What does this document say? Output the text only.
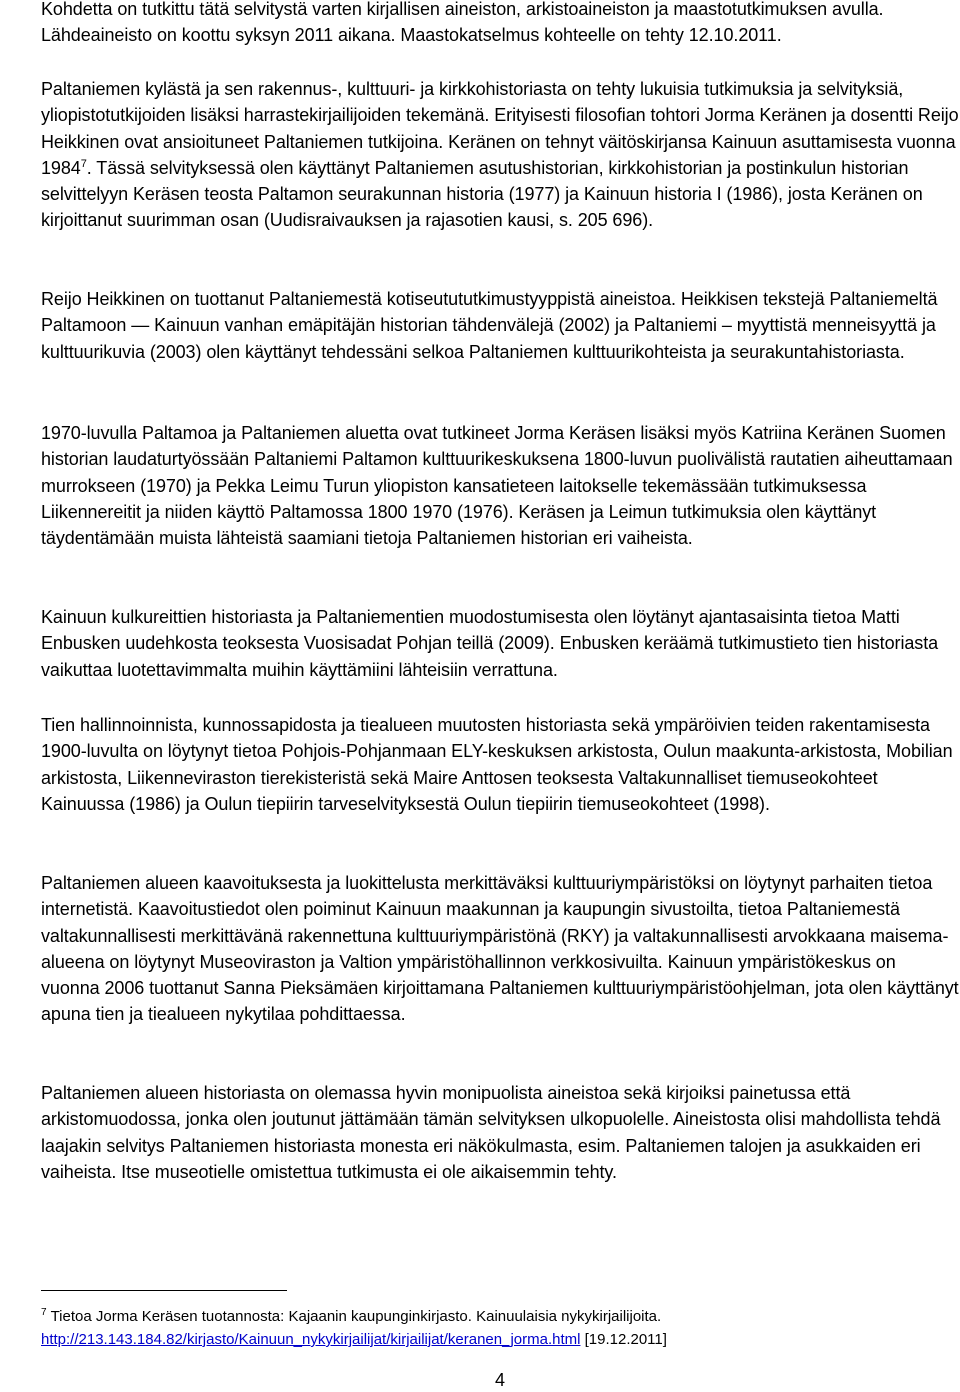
Kohdetta on tutkittu tätä selvitystä varten kirjallisen aineiston, arkistoaineiston ja maastotutkimuksen avulla. Lähdeaineisto on koottu syksyn 2011 aikana. Maastokatselmus kohteelle on tehty 12.10.2011.

Paltaniemen kylästä ja sen rakennus-, kulttuuri- ja kirkkohistoriasta on tehty lukuisia tutkimuksia ja selvityksiä, yliopistotutkijoiden lisäksi harrastekirjailijoiden tekemänä. Erityisesti filosofian tohtori Jorma Keränen ja dosentti Reijo Heikkinen ovat ansioituneet Paltaniemen tutkijoina. Keränen on tehnyt väitöskirjansa Kainuun asuttamisesta vuonna 1984$^7$. Tässä selvityksessä olen käyttänyt Paltaniemen asutushistorian, kirkkohistorian ja postinkulun historian selvittelyyn Keräsen teosta Paltamon seurakunnan historia (1977) ja Kainuun historia I (1986), josta Keränen on kirjoittanut suurimman osan (Uudisraivauksen ja rajasotien kausi, s. 205 696).

Reijo Heikkinen on tuottanut Paltaniemestä kotiseutututkimustyyppistä aineistoa. Heikkisen tekstejä Paltaniemeltä Paltamoon — Kainuun vanhan emäpitäjän historian tähdenvälejä (2002) ja Paltaniemi – myyttistä menneisyyttä ja kulttuurikuvia (2003) olen käyttänyt tehdessäni selkoa Paltaniemen kulttuurikohteista ja seurakuntahistoriasta.

1970-luvulla Paltamoa ja Paltaniemen aluetta ovat tutkineet Jorma Keräsen lisäksi myös Katriina Keränen Suomen historian laudaturtyössään Paltaniemi Paltamon kulttuurikeskuksena 1800-luvun puolivälistä rautatien aiheuttamaan murrokseen (1970) ja Pekka Leimu Turun yliopiston kansatieteen laitokselle tekemässään tutkimuksessa Liikennereitit ja niiden käyttö Paltamossa 1800 1970 (1976). Keräsen ja Leimun tutkimuksia olen käyttänyt täydentämään muista lähteistä saamiani tietoja Paltaniemen historian eri vaiheista.

Kainuun kulkureittien historiasta ja Paltaniementien muodostumisesta olen löytänyt ajantasaisinta tietoa Matti Enbusken uudehkosta teoksesta Vuosisadat Pohjan teillä (2009). Enbusken keräämä tutkimustieto tien historiasta vaikuttaa luotettavimmalta muihin käyttämiini lähteisiin verrattuna.

Tien hallinnoinnista, kunnossapidosta ja tiealueen muutosten historiasta sekä ympäröivien teiden rakentamisesta 1900-luvulta on löytynyt tietoa Pohjois-Pohjanmaan ELY-keskuksen arkistosta, Oulun maakunta-arkistosta, Mobilian arkistosta, Liikenneviraston tierekisteristä sekä Maire Anttosen teoksesta Valtakunnalliset tiemuseokohteet Kainuussa (1986) ja Oulun tiepiirin tarveselvityksestä Oulun tiepiirin tiemuseokohteet (1998).

Paltaniemen alueen kaavoituksesta ja luokittelusta merkittäväksi kulttuuriympäristöksi on löytynyt parhaiten tietoa internetistä. Kaavoitustiedot olen poiminut Kainuun maakunnan ja kaupungin sivustoilta, tietoa Paltaniemestä valtakunnallisesti merkittävänä rakennettuna kulttuuriympäristönä (RKY) ja valtakunnallisesti arvokkaana maisema-alueena on löytynyt Museoviraston ja Valtion ympäristöhallinnon verkkosivuilta. Kainuun ympäristökeskus on vuonna 2006 tuottanut Sanna Pieksämäen kirjoittamana Paltaniemen kulttuuriympäristöohjelman, jota olen käyttänyt apuna tien ja tiealueen nykytilaa pohdittaessa.

Paltaniemen alueen historiasta on olemassa hyvin monipuolista aineistoa sekä kirjoiksi painetussa että arkistomuodossa, jonka olen joutunut jättämään tämän selvityksen ulkopuolelle. Aineistosta olisi mahdollista tehdä laajakin selvitys Paltaniemen historiasta monesta eri näkökulmasta, esim. Paltaniemen talojen ja asukkaiden eri vaiheista. Itse museotielle omistettua tutkimusta ei ole aikaisemmin tehty.

$^7$ Tietoa Jorma Keräsen tuotannosta: Kajaanin kaupunginkirjasto. Kainuulaisia nykykirjailijoita.
http://213.143.184.82/kirjasto/Kainuun_nykykirjailijat/kirjailijat/keranen_jorma.html [19.12.2011]
4
